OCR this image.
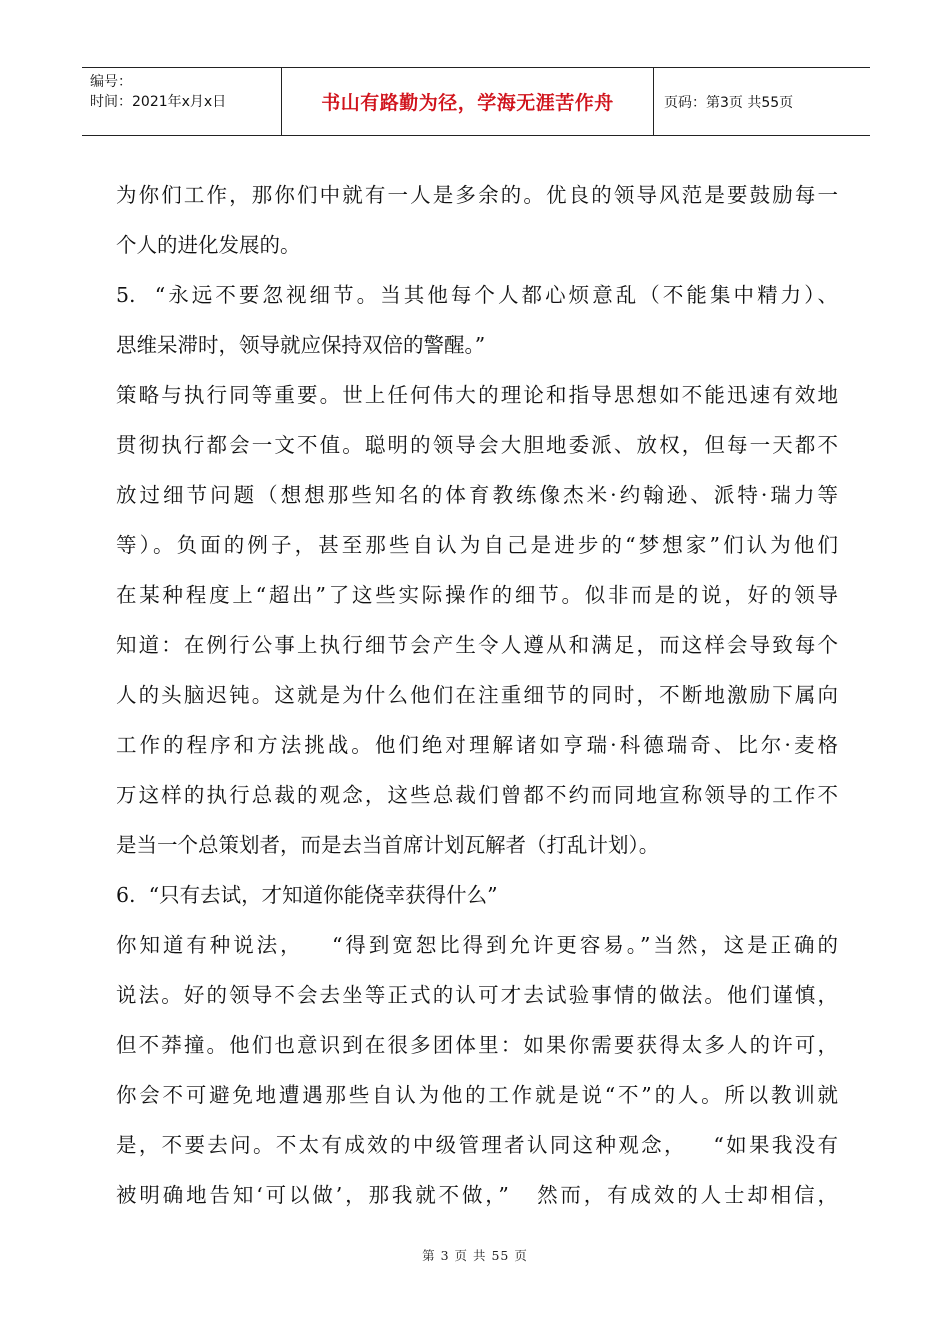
编号：
时间：2021年x月x日	书山有路勤为径，学海无涯苦作舟	页码：第3页 共55页
为你们工作，那你们中就有一人是多余的。优良的领导风范是要鼓励每一
个人的进化发展的。
5.  “永远不要忽视细节。当其他每个人都心烦意乱（不能集中精力）、
思维呆滞时，领导就应保持双倍的警醒。”
策略与执行同等重要。世上任何伟大的理论和指导思想如不能迅速有效地
贯彻执行都会一文不值。聪明的领导会大胆地委派、放权，但每一天都不
放过细节问题（想想那些知名的体育教练像杰米·约翰逊、派特·瑞力等
等）。负面的例子，甚至那些自认为自己是进步的“梦想家”们认为他们
在某种程度上“超出”了这些实际操作的细节。似非而是的说，好的领导
知道：在例行公事上执行细节会产生令人遵从和满足，而这样会导致每个
人的头脑迟钝。这就是为什么他们在注重细节的同时，不断地激励下属向
工作的程序和方法挑战。他们绝对理解诸如亨瑞·科德瑞奇、比尔·麦格
万这样的执行总裁的观念，这些总裁们曾都不约而同地宣称领导的工作不
是当一个总策划者，而是去当首席计划瓦解者（打乱计划）。
6.  “只有去试，才知道你能侥幸获得什么”
你知道有种说法，   “得到宽恕比得到允许更容易。”当然，这是正确的
说法。好的领导不会去坐等正式的认可才去试验事情的做法。他们谨慎，
但不莽撞。他们也意识到在很多团体里：如果你需要获得太多人的许可，
你会不可避免地遭遇那些自认为他的工作就是说“不”的人。所以教训就
是，不要去问。不太有成效的中级管理者认同这种观念，   “如果我没有
被明确地告知‘可以做’，那我就不做，”   然而，有成效的人士却相信，
第 3 页 共 55 页
